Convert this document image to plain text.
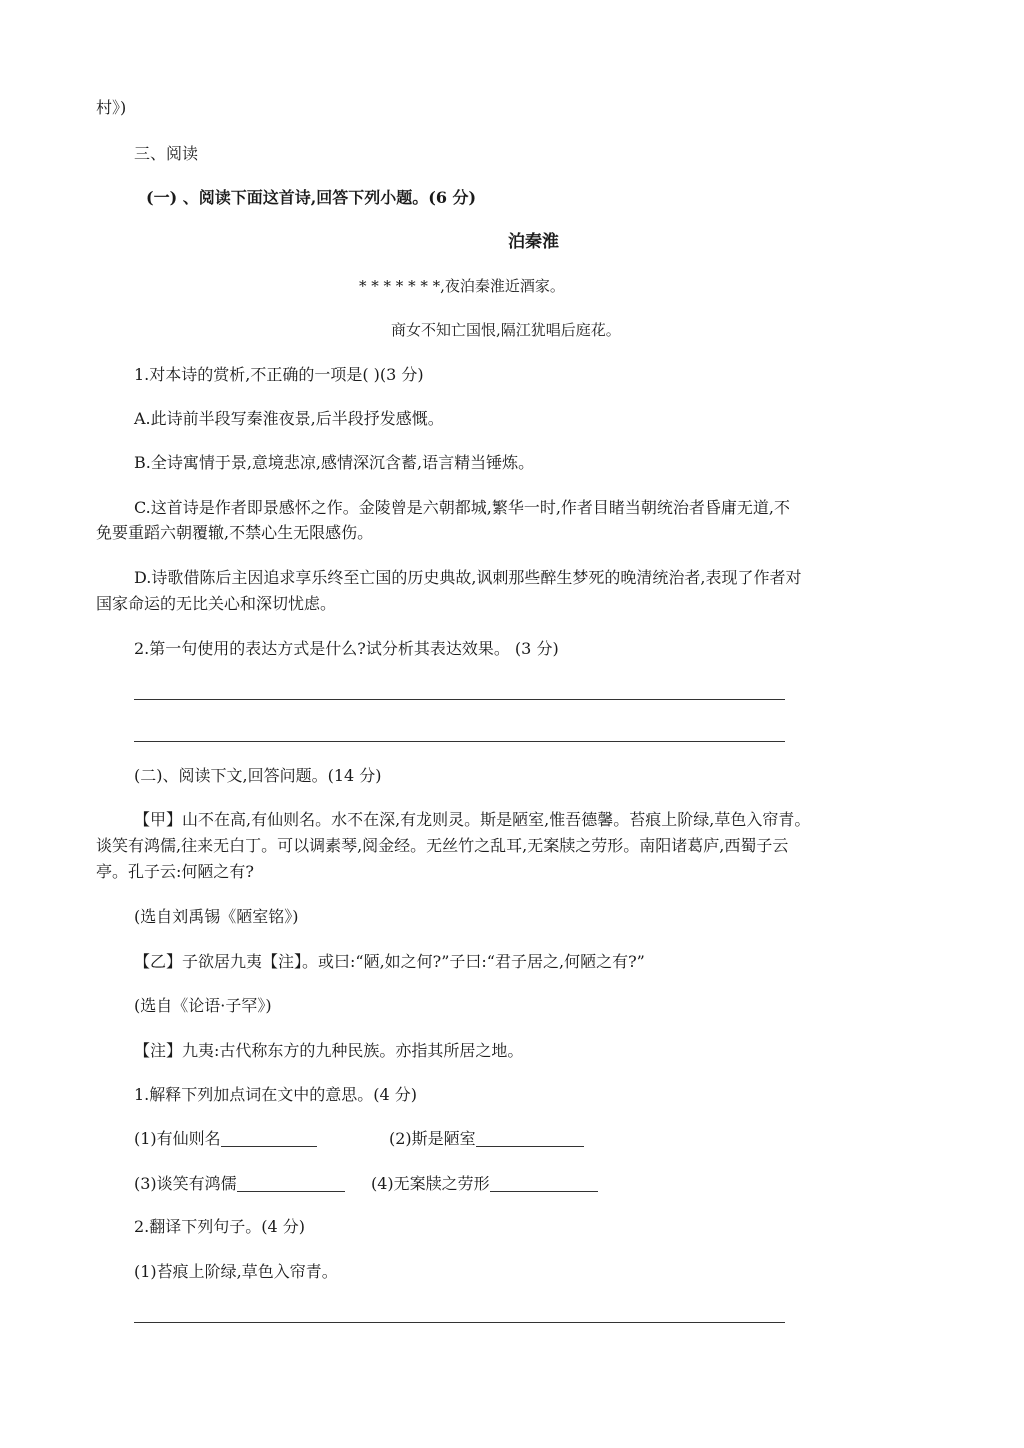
村》)
三、阅读
(一) 、阅读下面这首诗,回答下列小题。(6 分)
泊秦淮
* * * * * * *,夜泊秦淮近酒家。
商女不知亡国恨,隔江犹唱后庭花。
1.对本诗的赏析,不正确的一项是( )(3 分)
A.此诗前半段写秦淮夜景,后半段抒发感慨。
B.全诗寓情于景,意境悲凉,感情深沉含蓄,语言精当锤炼。
C.这首诗是作者即景感怀之作。金陵曾是六朝都城,繁华一时,作者目睹当朝统治者昏庸无道,不
免要重蹈六朝覆辙,不禁心生无限感伤。
D.诗歌借陈后主因追求享乐终至亡国的历史典故,讽刺那些醉生梦死的晚清统治者,表现了作者对
国家命运的无比关心和深切忧虑。
2.第一句使用的表达方式是什么?试分析其表达效果。 (3 分)
(二)、阅读下文,回答问题。(14 分)
【甲】山不在高,有仙则名。水不在深,有龙则灵。斯是陋室,惟吾德馨。苔痕上阶绿,草色入帘青。
谈笑有鸿儒,往来无白丁。可以调素琴,阅金经。无丝竹之乱耳,无案牍之劳形。南阳诸葛庐,西蜀子云
亭。孔子云:何陋之有?
(选自刘禹锡《陋室铭》)
【乙】子欲居九夷【注】。或曰:“陋,如之何?”子曰:“君子居之,何陋之有?”
(选自《论语·子罕》)
【注】九夷:古代称东方的九种民族。亦指其所居之地。
1.解释下列加点词在文中的意思。(4 分)
(1)有仙则名	(2)斯是陋室
(3)谈笑有鸿儒	(4)无案牍之劳形
2.翻译下列句子。(4 分)
(1)苔痕上阶绿,草色入帘青。
